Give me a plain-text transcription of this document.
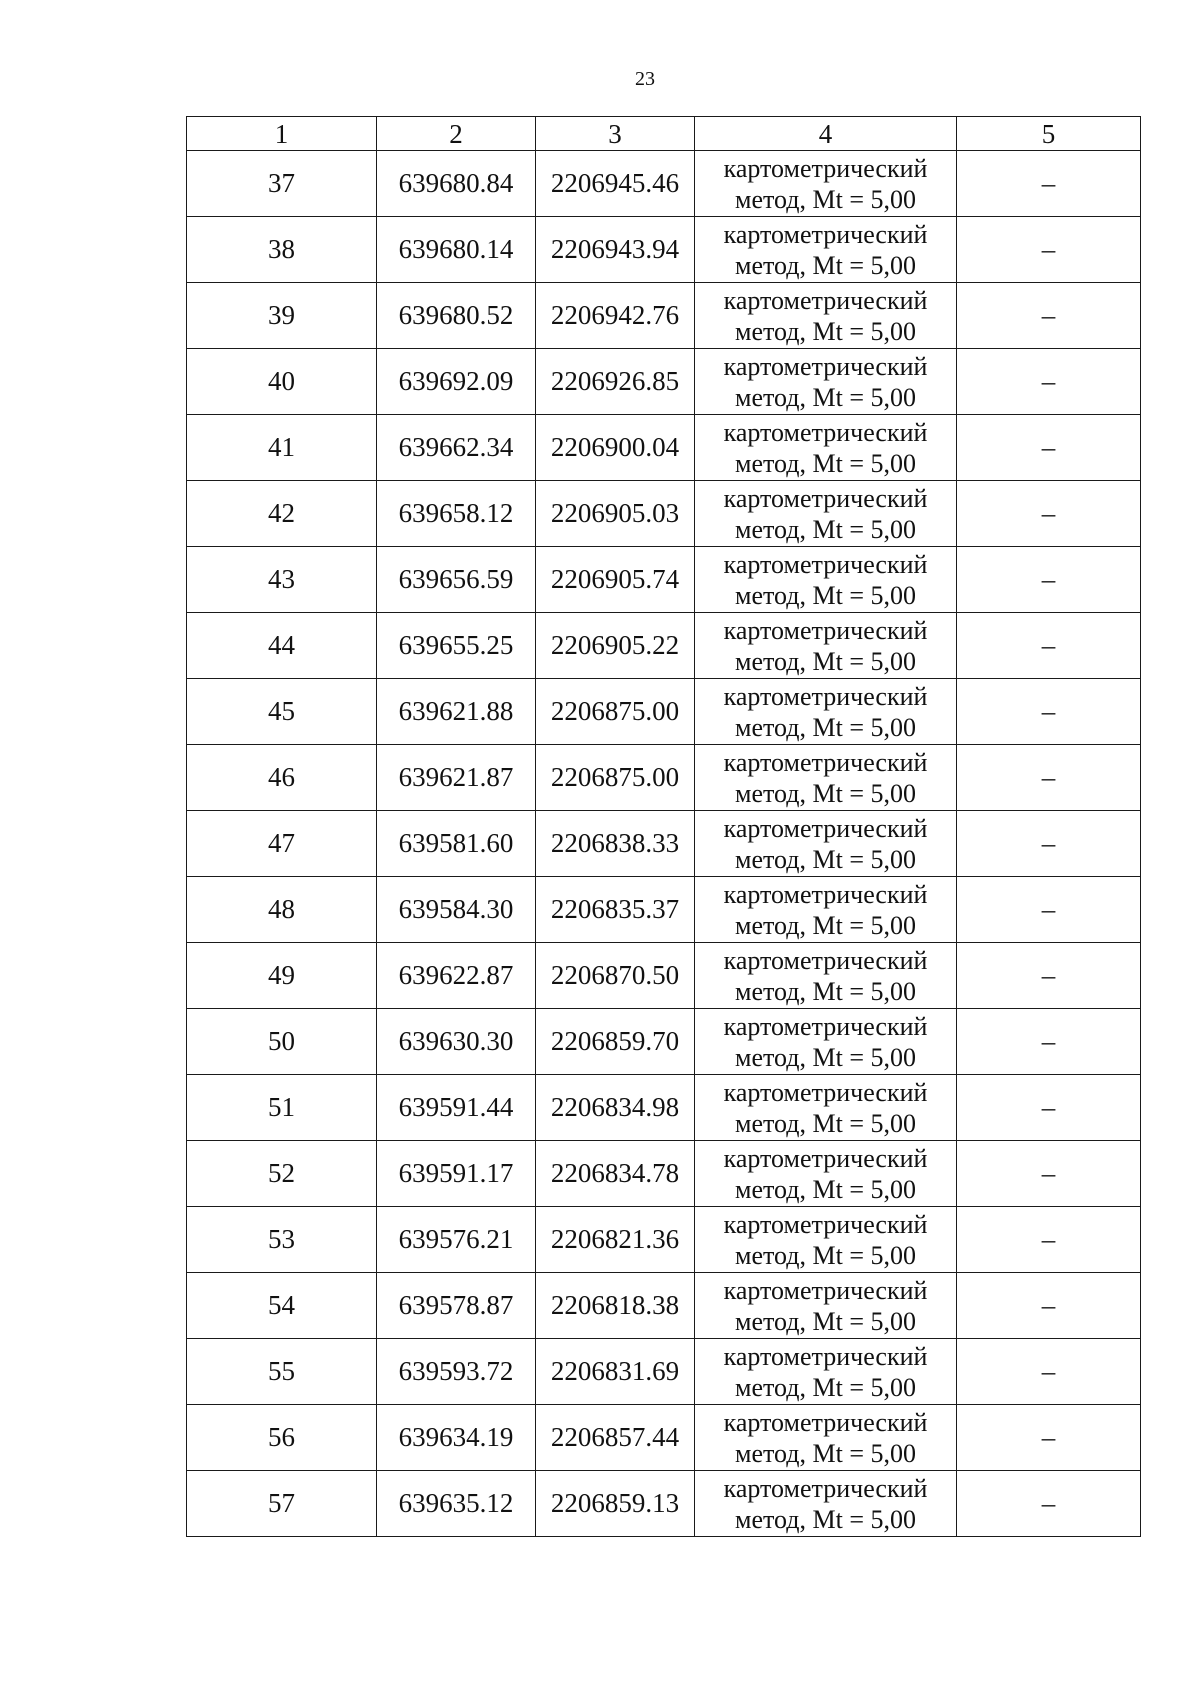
23
1	2	3	4	5
37	639680.84	2206945.46	картометрический
метод, Mt = 5,00	–
38	639680.14	2206943.94	картометрический
метод, Mt = 5,00	–
39	639680.52	2206942.76	картометрический
метод, Mt = 5,00	–
40	639692.09	2206926.85	картометрический
метод, Mt = 5,00	–
41	639662.34	2206900.04	картометрический
метод, Mt = 5,00	–
42	639658.12	2206905.03	картометрический
метод, Mt = 5,00	–
43	639656.59	2206905.74	картометрический
метод, Mt = 5,00	–
44	639655.25	2206905.22	картометрический
метод, Mt = 5,00	–
45	639621.88	2206875.00	картометрический
метод, Mt = 5,00	–
46	639621.87	2206875.00	картометрический
метод, Mt = 5,00	–
47	639581.60	2206838.33	картометрический
метод, Mt = 5,00	–
48	639584.30	2206835.37	картометрический
метод, Mt = 5,00	–
49	639622.87	2206870.50	картометрический
метод, Mt = 5,00	–
50	639630.30	2206859.70	картометрический
метод, Mt = 5,00	–
51	639591.44	2206834.98	картометрический
метод, Mt = 5,00	–
52	639591.17	2206834.78	картометрический
метод, Mt = 5,00	–
53	639576.21	2206821.36	картометрический
метод, Mt = 5,00	–
54	639578.87	2206818.38	картометрический
метод, Mt = 5,00	–
55	639593.72	2206831.69	картометрический
метод, Mt = 5,00	–
56	639634.19	2206857.44	картометрический
метод, Mt = 5,00	–
57	639635.12	2206859.13	картометрический
метод, Mt = 5,00	–
